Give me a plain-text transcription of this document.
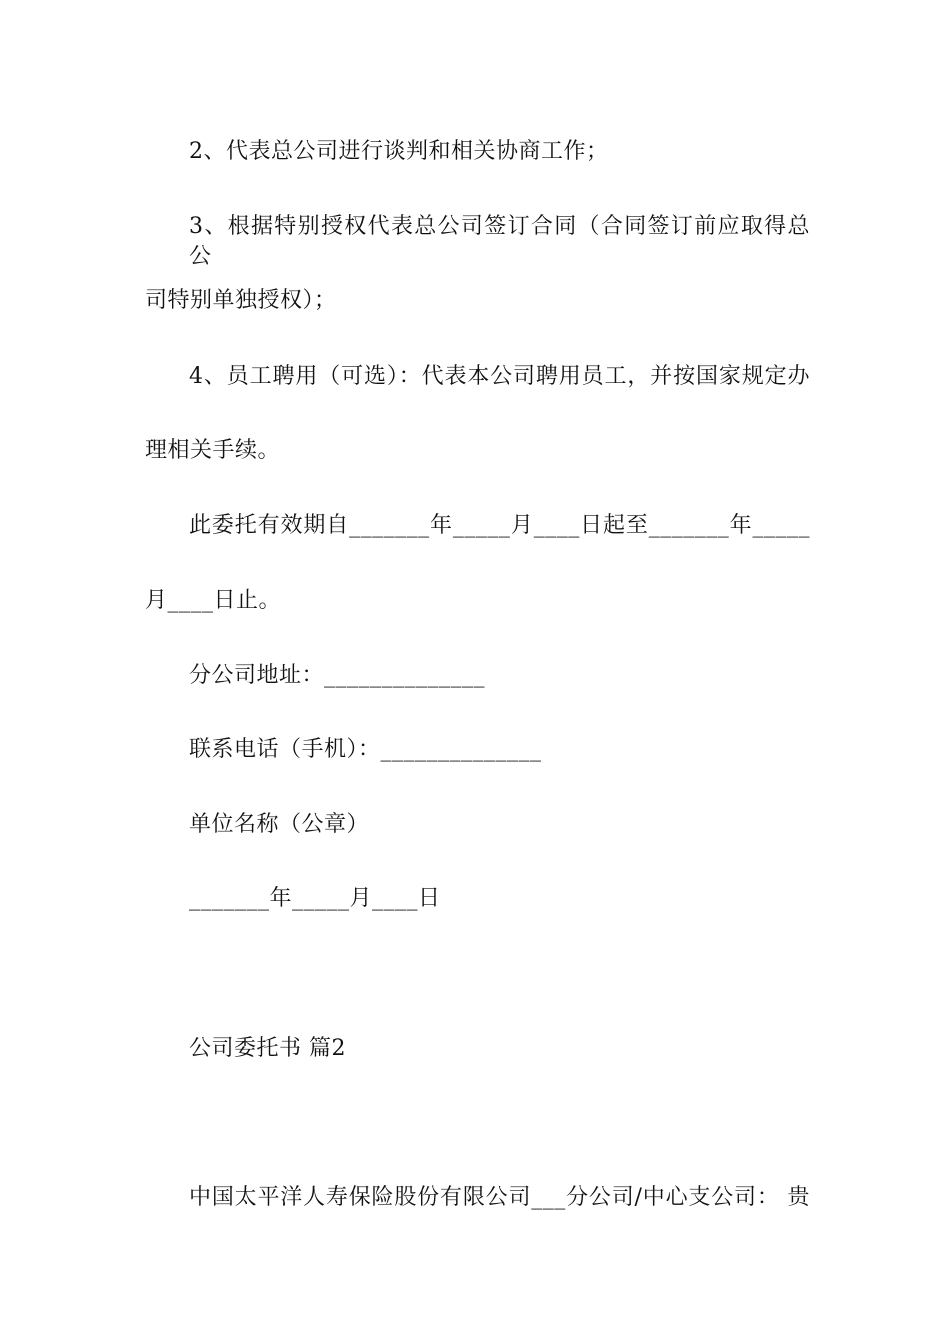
2、代表总公司进行谈判和相关协商工作；
3、根据特别授权代表总公司签订合同（合同签订前应取得总公
司特别单独授权）；
4、员工聘用（可选）：代表本公司聘用员工，并按国家规定办
理相关手续。
此委托有效期自_______年_____月____日起至_______年_____
月____日止。
分公司地址：______________
联系电话（手机）：______________
单位名称（公章）
_______年_____月____日
公司委托书 篇2
中国太平洋人寿保险股份有限公司___分公司/中心支公司： 贵
